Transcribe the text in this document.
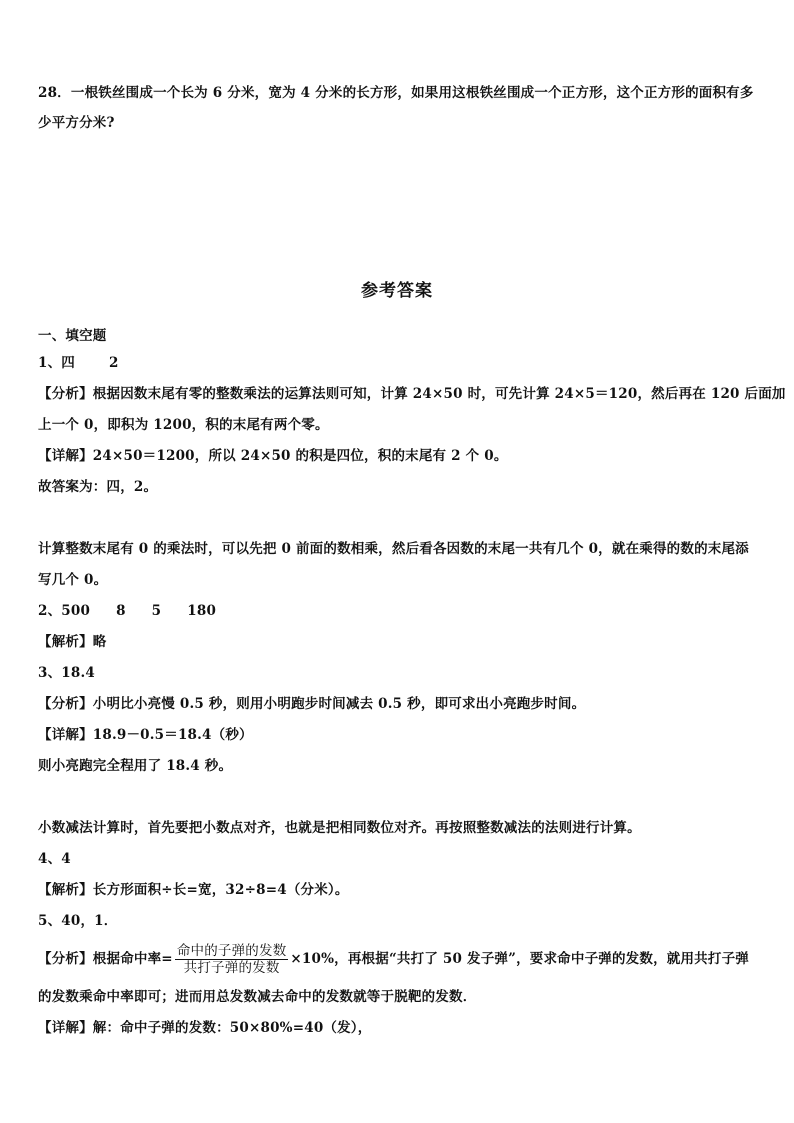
28．一根铁丝围成一个长为 6 分米，宽为 4 分米的长方形，如果用这根铁丝围成一个正方形，这个正方形的面积有多
少平方分米?
参考答案
一、填空题
1、四	2
【分析】根据因数末尾有零的整数乘法的运算法则可知，计算 24×50 时，可先计算 24×5＝120，然后再在 120 后面加
上一个 0，即积为 1200，积的末尾有两个零。
【详解】24×50＝1200，所以 24×50 的积是四位，积的末尾有 2 个 0。
故答案为：四，2。
计算整数末尾有 0 的乘法时，可以先把 0 前面的数相乘，然后看各因数的末尾一共有几个 0，就在乘得的数的末尾添
写几个 0。
2、500 8 5 180
【解析】略
3、18.4
【分析】小明比小亮慢 0.5 秒，则用小明跑步时间减去 0.5 秒，即可求出小亮跑步时间。
【详解】18.9－0.5＝18.4（秒）
则小亮跑完全程用了 18.4 秒。
小数减法计算时，首先要把小数点对齐，也就是把相同数位对齐。再按照整数减法的法则进行计算。
4、4
【解析】长方形面积÷长=宽，32÷8=4（分米）。
5、40，1．
【分析】根据命中率= $\frac{\text{命中的子弹的发数}}{\text{共打子弹的发数}} \times 10\%$，再根据“共打了 50 发子弹”，要求命中子弹的发数，就用共打子弹
的发数乘命中率即可；进而用总发数减去命中的发数就等于脱靶的发数．
【详解】解：命中子弹的发数：50×80%=40（发），
